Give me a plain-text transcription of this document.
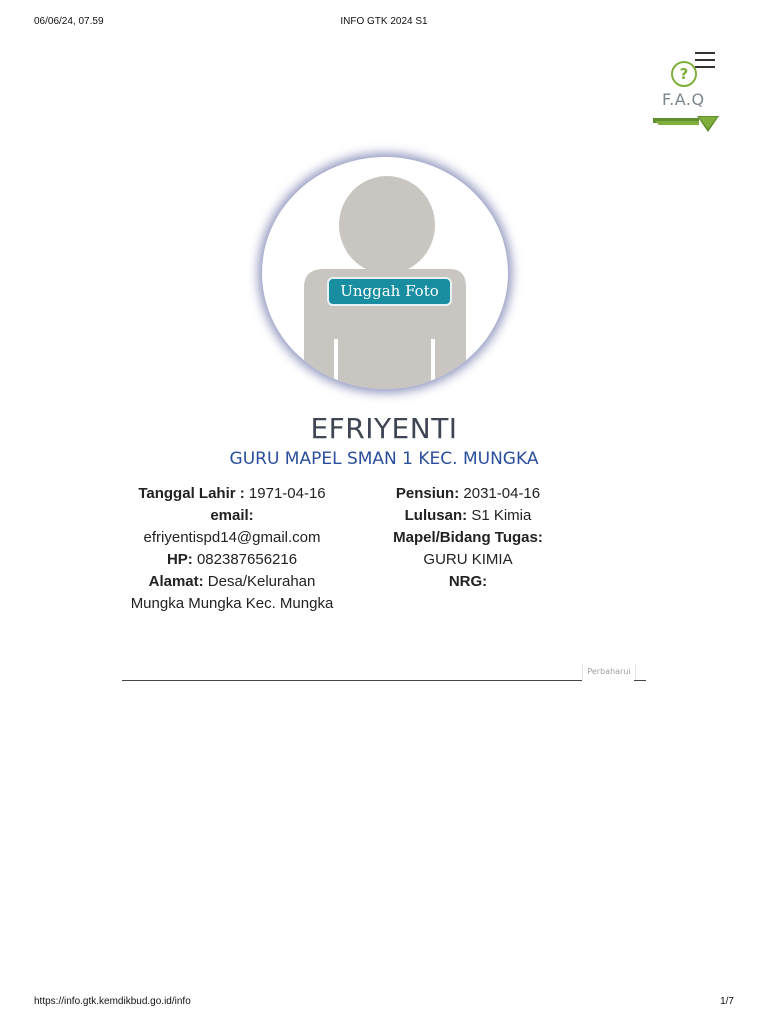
06/06/24, 07.59	INFO GTK 2024 S1
?
F.A.Q
Unggah Foto
EFRIYENTI
GURU MAPEL SMAN 1 KEC. MUNGKA
Tanggal Lahir : 1971-04-16
email:
efriyentispd14@gmail.com
HP: 082387656216
Alamat: Desa/Kelurahan Mungka Mungka Kec. Mungka
Pensiun: 2031-04-16
Lulusan: S1 Kimia
Mapel/Bidang Tugas:
GURU KIMIA
NRG:
Perbaharui
https://info.gtk.kemdikbud.go.id/info	1/7
